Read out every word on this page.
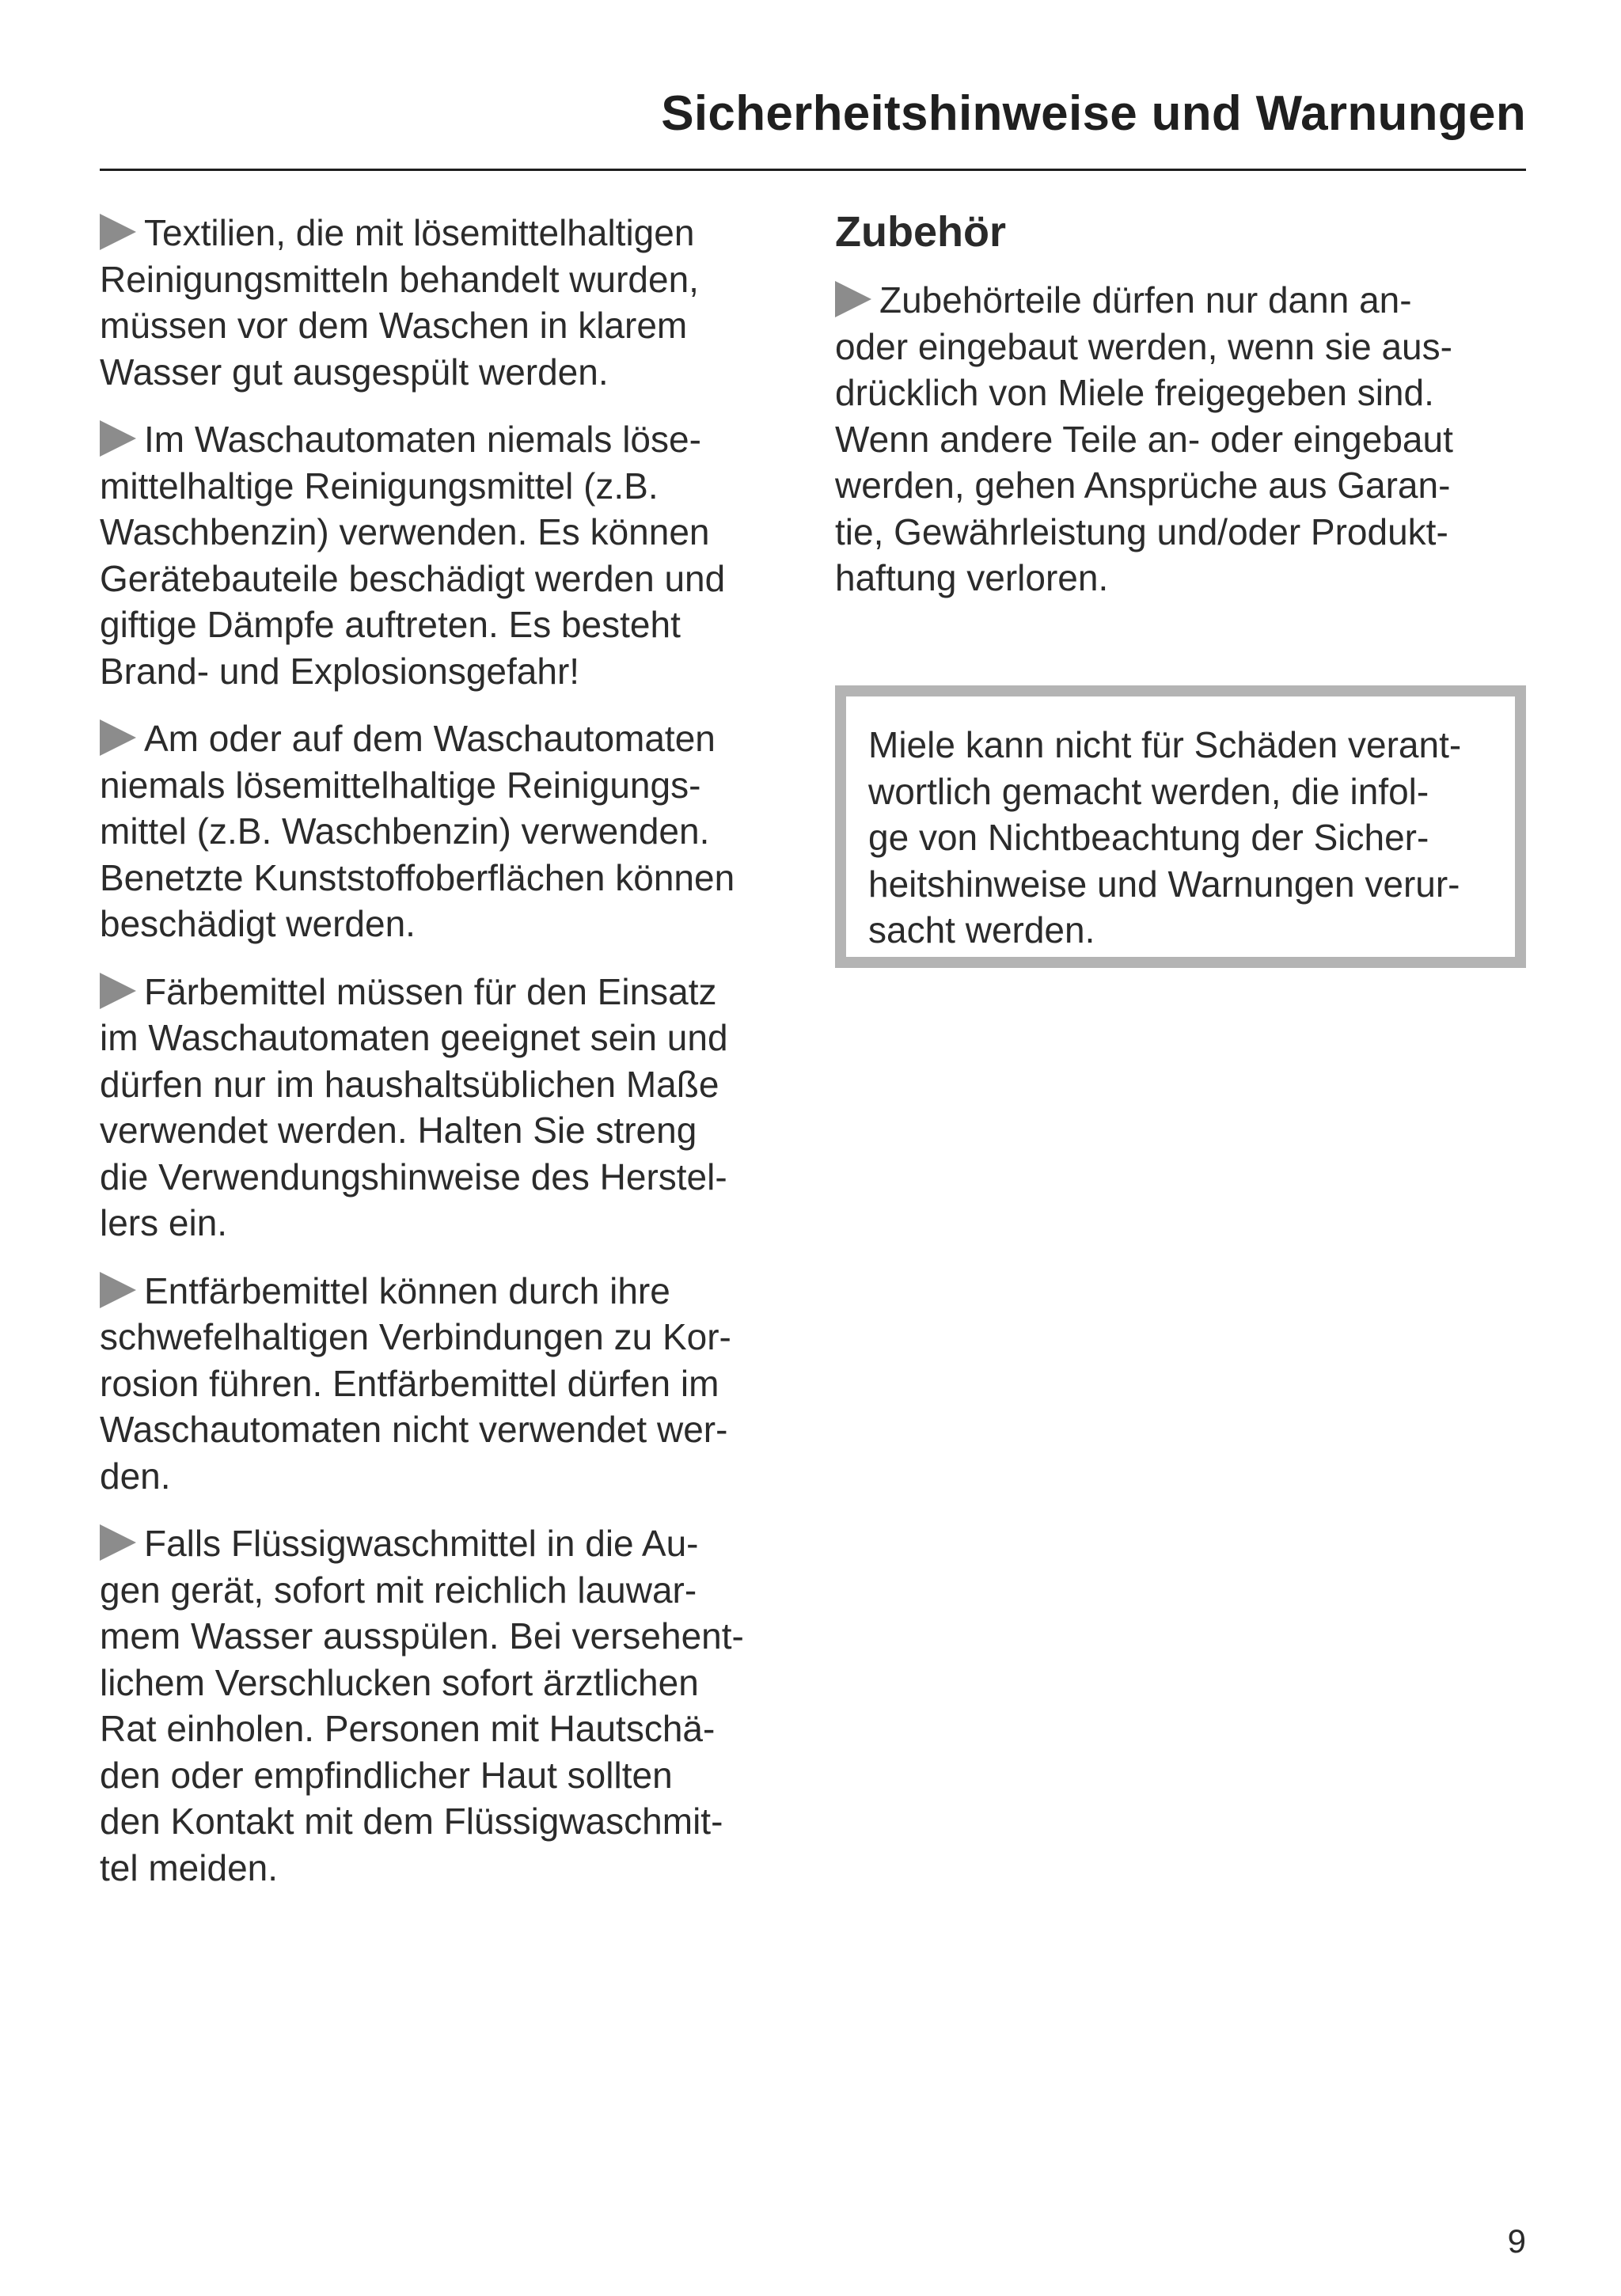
Sicherheitshinweise und Warnungen

Textilien, die mit lösemittelhaltigen
Reinigungsmitteln behandelt wurden,
müssen vor dem Waschen in klarem
Wasser gut ausgespült werden.

Im Waschautomaten niemals löse-
mittelhaltige Reinigungsmittel (z.B.
Waschbenzin) verwenden. Es können
Gerätebauteile beschädigt werden und
giftige Dämpfe auftreten. Es besteht
Brand- und Explosionsgefahr!

Am oder auf dem Waschautomaten
niemals lösemittelhaltige Reinigungs-
mittel (z.B. Waschbenzin) verwenden.
Benetzte Kunststoffoberflächen können
beschädigt werden.

Färbemittel müssen für den Einsatz
im Waschautomaten geeignet sein und
dürfen nur im haushaltsüblichen Maße
verwendet werden. Halten Sie streng
die Verwendungshinweise des Herstel-
lers ein.

Entfärbemittel können durch ihre
schwefelhaltigen Verbindungen zu Kor-
rosion führen. Entfärbemittel dürfen im
Waschautomaten nicht verwendet wer-
den.

Falls Flüssigwaschmittel in die Au-
gen gerät, sofort mit reichlich lauwar-
mem Wasser ausspülen. Bei versehent-
lichem Verschlucken sofort ärztlichen
Rat einholen. Personen mit Hautschä-
den oder empfindlicher Haut sollten
den Kontakt mit dem Flüssigwaschmit-
tel meiden.

Zubehör

Zubehörteile dürfen nur dann an-
oder eingebaut werden, wenn sie aus-
drücklich von Miele freigegeben sind.
Wenn andere Teile an- oder eingebaut
werden, gehen Ansprüche aus Garan-
tie, Gewährleistung und/oder Produkt-
haftung verloren.

Miele kann nicht für Schäden verant-
wortlich gemacht werden, die infol-
ge von Nichtbeachtung der Sicher-
heitshinweise und Warnungen verur-
sacht werden.
9
